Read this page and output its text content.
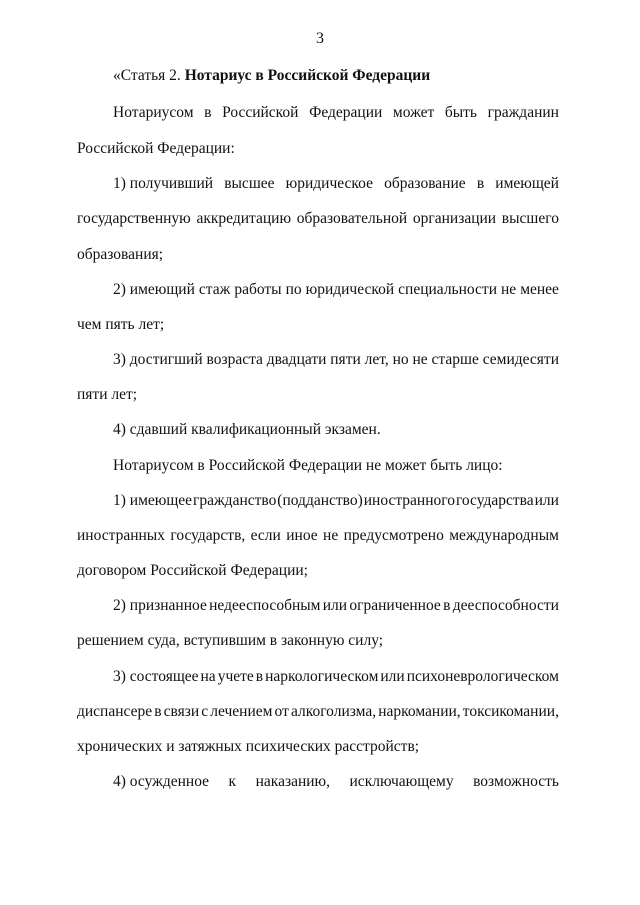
3
«Статья 2. Нотариус в Российской Федерации
Нотариусом в Российской Федерации может быть гражданин
Российской Федерации:
1) получивший высшее юридическое образование в имеющей
государственную аккредитацию образовательной организации высшего
образования;
2) имеющий стаж работы по юридической специальности не менее
чем пять лет;
3) достигший возраста двадцати пяти лет, но не старше семидесяти
пяти лет;
4) сдавший квалификационный экзамен.
Нотариусом в Российской Федерации не может быть лицо:
1) имеющее гражданство (подданство) иностранного государства или
иностранных государств, если иное не предусмотрено международным
договором Российской Федерации;
2) признанное недееспособным или ограниченное в дееспособности
решением суда, вступившим в законную силу;
3) состоящее на учете в наркологическом или психоневрологическом
диспансере в связи с лечением от алкоголизма, наркомании, токсикомании,
хронических и затяжных психических расстройств;
4) осужденное к наказанию, исключающему возможность
